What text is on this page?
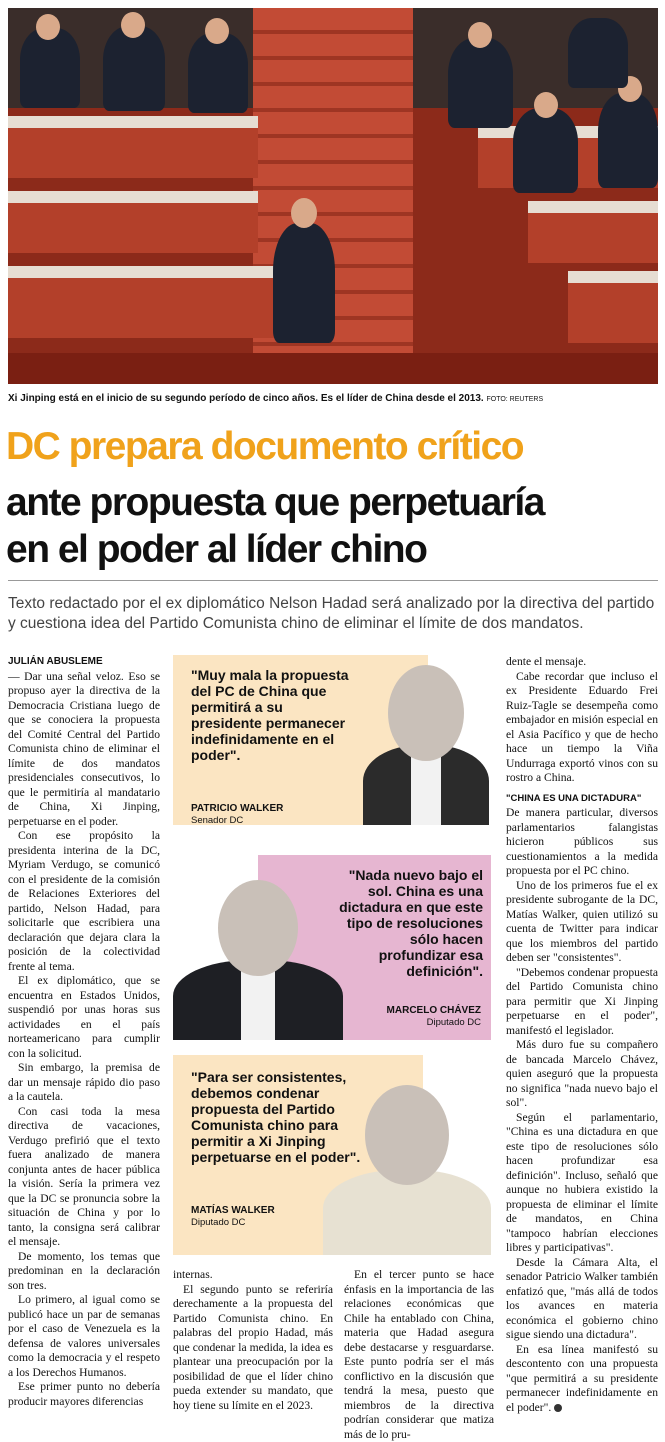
Xi Jinping está en el inicio de su segundo período de cinco años. Es el líder de China desde el 2013. FOTO: REUTERS
DC prepara documento crítico
ante propuesta que perpetuaría
en el poder al líder chino
Texto redactado por el ex diplomático Nelson Hadad será analizado por la directiva del partido y cuestiona idea del Partido Comunista chino de eliminar el límite de dos mandatos.

JULIÁN ABUSLEME

— Dar una señal veloz. Eso se propuso ayer la directiva de la Democracia Cristiana luego de que se conociera la propuesta del Comité Central del Partido Comunista chino de eliminar el límite de dos mandatos presidenciales consecutivos, lo que le permitiría al mandatario de China, Xi Jinping, perpetuarse en el poder.

Con ese propósito la presidenta interina de la DC, Myriam Verdugo, se comunicó con el presidente de la comisión de Relaciones Exteriores del partido, Nelson Hadad, para solicitarle que escribiera una declaración que dejara clara la posición de la colectividad frente al tema.

El ex diplomático, que se encuentra en Estados Unidos, suspendió por unas horas sus actividades en el país norteamericano para cumplir con la solicitud.

Sin embargo, la premisa de dar un mensaje rápido dio paso a la cautela.

Con casi toda la mesa directiva de vacaciones, Verdugo prefirió que el texto fuera analizado de manera conjunta antes de hacer pública la visión. Sería la primera vez que la DC se pronuncia sobre la situación de China y por lo tanto, la consigna será calibrar el mensaje.

De momento, los temas que predominan en la declaración son tres.

Lo primero, al igual como se publicó hace un par de semanas por el caso de Venezuela es la defensa de valores universales como la democracia y el respeto a los Derechos Humanos.

Ese primer punto no debería producir mayores diferencias

"Muy mala la propuesta del PC de China que permitirá a su presidente permanecer indefinidamente en el poder".
PATRICIO WALKER
Senador DC
"Nada nuevo bajo el sol. China es una dictadura en que este tipo de resoluciones sólo hacen profundizar esa definición".
MARCELO CHÁVEZ
Diputado DC
"Para ser consistentes, debemos condenar propuesta del Partido Comunista chino para permitir a Xi Jinping perpetuarse en el poder".
MATÍAS WALKER
Diputado DC

internas.

El segundo punto se referiría derechamente a la propuesta del Partido Comunista chino. En palabras del propio Hadad, más que condenar la medida, la idea es plantear una preocupación por la posibilidad de que el líder chino pueda extender su mandato, que hoy tiene su límite en el 2023.

En el tercer punto se hace énfasis en la importancia de las relaciones económicas que Chile ha entablado con China, materia que Hadad asegura debe destacarse y resguardarse. Este punto podría ser el más conflictivo en la discusión que tendrá la mesa, puesto que miembros de la directiva podrían considerar que matiza más de lo pru-

dente el mensaje.

Cabe recordar que incluso el ex Presidente Eduardo Frei Ruiz-Tagle se desempeña como embajador en misión especial en el Asia Pacífico y que de hecho hace un tiempo la Viña Undurraga exportó vinos con su rostro a China.

"CHINA ES UNA DICTADURA"

De manera particular, diversos parlamentarios falangistas hicieron públicos sus cuestionamientos a la medida propuesta por el PC chino.

Uno de los primeros fue el ex presidente subrogante de la DC, Matías Walker, quien utilizó su cuenta de Twitter para indicar que los miembros del partido deben ser "consistentes".

"Debemos condenar propuesta del Partido Comunista chino para permitir que Xi Jinping perpetuarse en el poder", manifestó el legislador.

Más duro fue su compañero de bancada Marcelo Chávez, quien aseguró que la propuesta no significa "nada nuevo bajo el sol".

Según el parlamentario, "China es una dictadura en que este tipo de resoluciones sólo hacen profundizar esa definición". Incluso, señaló que aunque no hubiera existido la propuesta de eliminar el límite de mandatos, en China "tampoco habrían elecciones libres y participativas".

Desde la Cámara Alta, el senador Patricio Walker también enfatizó que, "más allá de todos los avances en materia económica el gobierno chino sigue siendo una dictadura".

En esa línea manifestó su descontento con una propuesta "que permitirá a su presidente permanecer indefinidamente en el poder".
